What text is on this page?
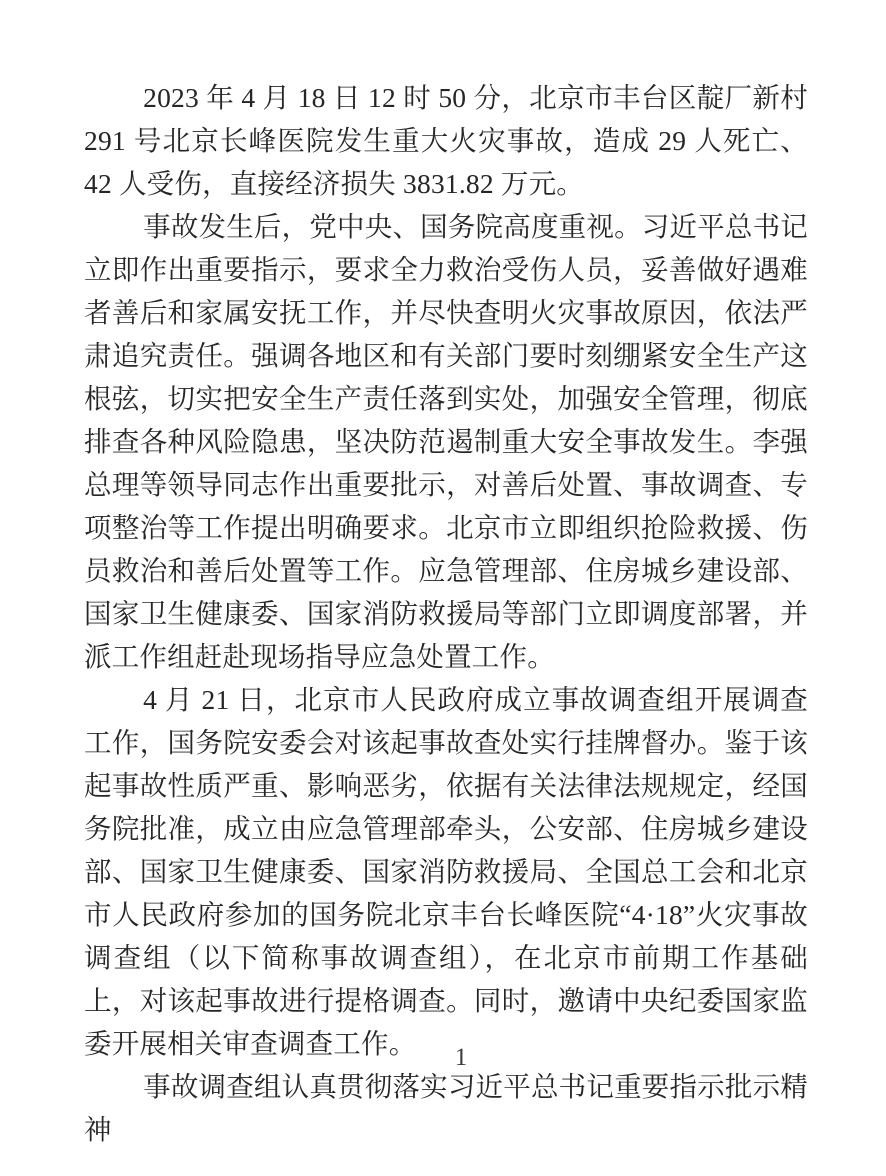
2023 年 4 月 18 日 12 时 50 分，北京市丰台区靛厂新村 291 号北京长峰医院发生重大火灾事故，造成 29 人死亡、42 人受伤，直接经济损失 3831.82 万元。

事故发生后，党中央、国务院高度重视。习近平总书记立即作出重要指示，要求全力救治受伤人员，妥善做好遇难者善后和家属安抚工作，并尽快查明火灾事故原因，依法严肃追究责任。强调各地区和有关部门要时刻绷紧安全生产这根弦，切实把安全生产责任落到实处，加强安全管理，彻底排查各种风险隐患，坚决防范遏制重大安全事故发生。李强总理等领导同志作出重要批示，对善后处置、事故调查、专项整治等工作提出明确要求。北京市立即组织抢险救援、伤员救治和善后处置等工作。应急管理部、住房城乡建设部、国家卫生健康委、国家消防救援局等部门立即调度部署，并派工作组赶赴现场指导应急处置工作。

4 月 21 日，北京市人民政府成立事故调查组开展调查工作，国务院安委会对该起事故查处实行挂牌督办。鉴于该起事故性质严重、影响恶劣，依据有关法律法规规定，经国务院批准，成立由应急管理部牵头，公安部、住房城乡建设部、国家卫生健康委、国家消防救援局、全国总工会和北京市人民政府参加的国务院北京丰台长峰医院“4·18”火灾事故调查组（以下简称事故调查组），在北京市前期工作基础上，对该起事故进行提格调查。同时，邀请中央纪委国家监委开展相关审查调查工作。

事故调查组认真贯彻落实习近平总书记重要指示批示精神

1
